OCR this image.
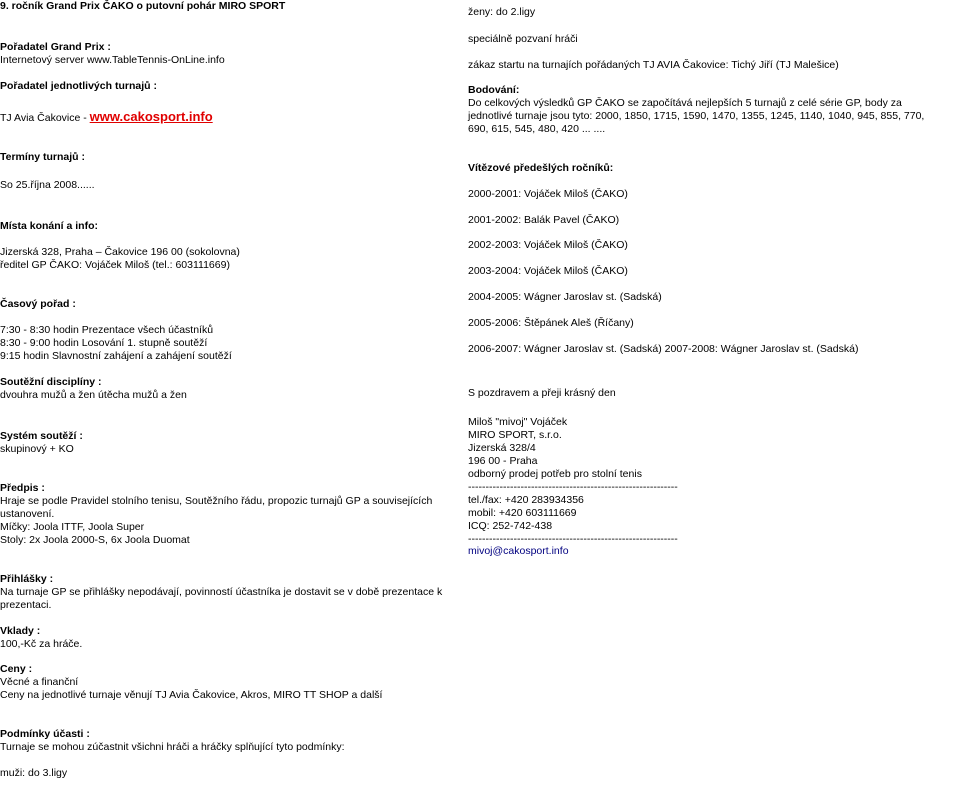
9. ročník Grand Prix ČAKO o putovní pohár MIRO SPORT
Pořadatel Grand Prix :
Internetový server www.TableTennis-OnLine.info
Pořadatel jednotlivých turnajů :
TJ Avia Čakovice - www.cakosport.info
Termíny turnajů :
So 25.října 2008......
Místa konání a info:
Jizerská 328, Praha – Čakovice 196 00 (sokolovna)
ředitel GP ČAKO: Vojáček Miloš (tel.: 603111669)
Časový pořad :
7:30 - 8:30 hodin Prezentace všech účastníků
8:30 - 9:00 hodin Losování 1. stupně soutěží
9:15 hodin Slavnostní zahájení a zahájení soutěží
Soutěžní disciplíny :
dvouhra mužů a žen útěcha mužů a žen
Systém soutěží :
skupinový + KO
Předpis :
Hraje se podle Pravidel stolního tenisu, Soutěžního řádu, propozic turnajů GP a souvisejících
ustanovení.
Míčky: Joola ITTF, Joola Super
Stoly: 2x Joola 2000-S, 6x Joola Duomat
Přihlášky :
Na turnaje GP se přihlášky nepodávají, povinností účastníka je dostavit se v době prezentace k
prezentaci.
Vklady :
100,-Kč za hráče.
Ceny :
Věcné a finanční
Ceny na jednotlivé turnaje věnují TJ Avia Čakovice, Akros, MIRO TT SHOP a další
Podmínky účasti :
Turnaje se mohou zúčastnit všichni hráči a hráčky splňující tyto podmínky:
muži: do 3.ligy
ženy: do 2.ligy
speciálně pozvaní hráči
zákaz startu na turnajích pořádaných TJ AVIA Čakovice: Tichý Jiří (TJ Malešice)
Bodování:
Do celkových výsledků GP ČAKO se započítává nejlepších 5 turnajů z celé série GP, body za
jednotlivé turnaje jsou tyto: 2000, 1850, 1715, 1590, 1470, 1355, 1245, 1140, 1040, 945, 855, 770,
690, 615, 545, 480, 420 ... ....
Vítězové předešlých ročníků:
2000-2001: Vojáček Miloš (ČAKO)
2001-2002: Balák Pavel (ČAKO)
2002-2003: Vojáček Miloš (ČAKO)
2003-2004: Vojáček Miloš (ČAKO)
2004-2005: Wágner Jaroslav st. (Sadská)
2005-2006: Štěpánek Aleš (Říčany)
2006-2007: Wágner Jaroslav st. (Sadská) 2007-2008: Wágner Jaroslav st. (Sadská)
S pozdravem a přeji krásný den
Miloš "mivoj" Vojáček
MIRO SPORT, s.r.o.
Jizerská 328/4
196 00 - Praha
odborný prodej potřeb pro stolní tenis
------------------------------------------------------------
tel./fax: +420 283934356
mobil: +420 603111669
ICQ: 252-742-438
------------------------------------------------------------
mivoj@cakosport.info
